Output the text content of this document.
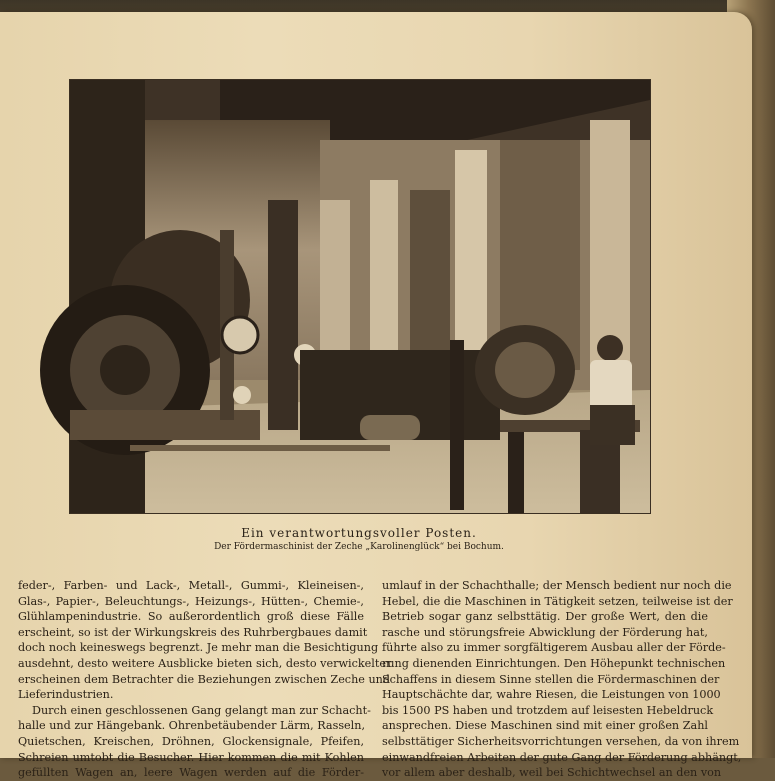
Ein verantwortungsvoller Posten.
Der Fördermaschinist der Zeche „Karolinenglück“ bei Bochum.
feder-, Farben- und Lack-, Metall-, Gummi-, Kleineisen-,
Glas-, Papier-, Beleuchtungs-, Heizungs-, Hütten-, Chemie-,
Glühlampenindustrie. So außerordentlich groß diese Fälle
erscheint, so ist der Wirkungskreis des Ruhrbergbaues damit
doch noch keineswegs begrenzt. Je mehr man die Besichtigung
ausdehnt, desto weitere Ausblicke bieten sich, desto verwickelter
erscheinen dem Betrachter die Beziehungen zwischen Zeche und
Lieferindustrien.
Durch einen geschlossenen Gang gelangt man zur Schacht-
halle und zur Hängebank. Ohrenbetäubender Lärm, Rasseln,
Quietschen, Kreischen, Dröhnen, Glockensignale, Pfeifen,
Schreien umtobt die Besucher. Hier kommen die mit Kohlen
gefüllten Wagen an, leere Wagen werden auf die Förder-
umlauf in der Schachthalle; der Mensch bedient nur noch die
Hebel, die die Maschinen in Tätigkeit setzen, teilweise ist der
Betrieb sogar ganz selbsttätig. Der große Wert, den die
rasche und störungsfreie Abwicklung der Förderung hat,
führte also zu immer sorgfältigerem Ausbau aller der Förde-
rung dienenden Einrichtungen. Den Höhepunkt technischen
Schaffens in diesem Sinne stellen die Fördermaschinen der
Hauptschächte dar, wahre Riesen, die Leistungen von 1000
bis 1500 PS haben und trotzdem auf leisesten Hebeldruck
ansprechen. Diese Maschinen sind mit einer großen Zahl
selbsttätiger Sicherheitsvorrichtungen versehen, da von ihrem
einwandfreien Arbeiten der gute Gang der Förderung abhängt,
vor allem aber deshalb, weil bei Schichtwechsel an den von
